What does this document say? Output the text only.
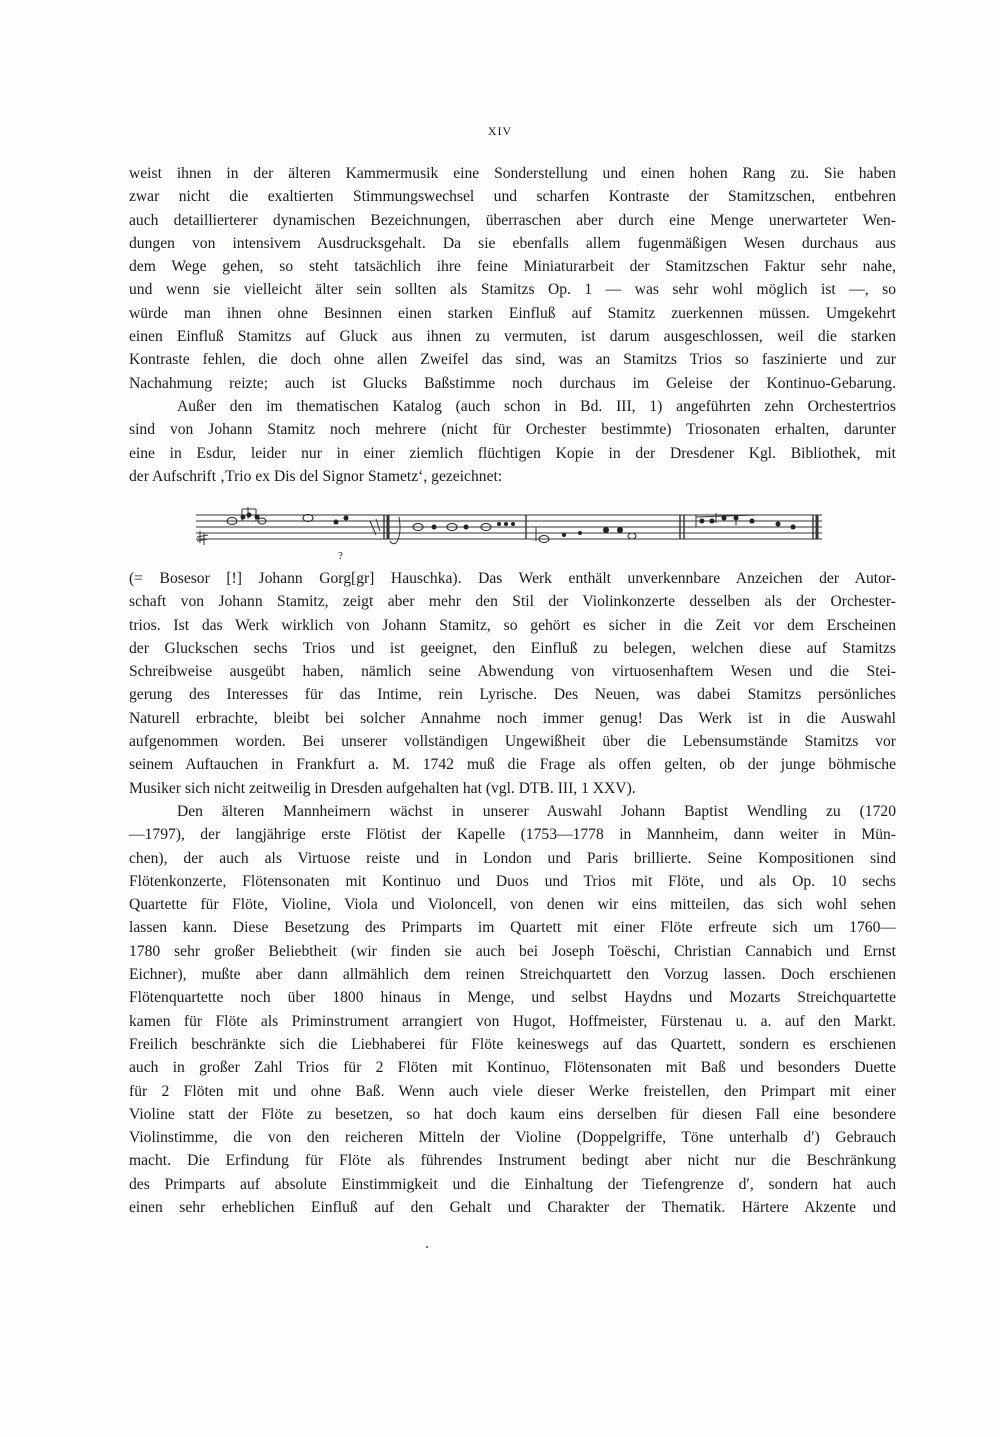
XIV
weist ihnen in der älteren Kammermusik eine Sonderstellung und einen hohen Rang zu. Sie haben
zwar nicht die exaltierten Stimmungswechsel und scharfen Kontraste der Stamitzschen, entbehren
auch detaillierterer dynamischen Bezeichnungen, überraschen aber durch eine Menge unerwarteter Wen-
dungen von intensivem Ausdrucksgehalt. Da sie ebenfalls allem fugenmäßigen Wesen durchaus aus
dem Wege gehen, so steht tatsächlich ihre feine Miniaturarbeit der Stamitzschen Faktur sehr nahe,
und wenn sie vielleicht älter sein sollten als Stamitzs Op. 1 — was sehr wohl möglich ist —, so
würde man ihnen ohne Besinnen einen starken Einfluß auf Stamitz zuerkennen müssen. Umgekehrt
einen Einfluß Stamitzs auf Gluck aus ihnen zu vermuten, ist darum ausgeschlossen, weil die starken
Kontraste fehlen, die doch ohne allen Zweifel das sind, was an Stamitzs Trios so faszinierte und zur
Nachahmung reizte; auch ist Glucks Baßstimme noch durchaus im Geleise der Kontinuo-Gebarung.
Außer den im thematischen Katalog (auch schon in Bd. III, 1) angeführten zehn Orchestertrios
sind von Johann Stamitz noch mehrere (nicht für Orchester bestimmte) Triosonaten erhalten, darunter
eine in Esdur, leider nur in einer ziemlich flüchtigen Kopie in der Dresdener Kgl. Bibliothek, mit
der Aufschrift ‚Trio ex Dis del Signor Stametz‘, gezeichnet:
?
(= Bosesor [!] Johann Gorg[gr] Hauschka). Das Werk enthält unverkennbare Anzeichen der Autor-
schaft von Johann Stamitz, zeigt aber mehr den Stil der Violinkonzerte desselben als der Orchester-
trios. Ist das Werk wirklich von Johann Stamitz, so gehört es sicher in die Zeit vor dem Erscheinen
der Gluckschen sechs Trios und ist geeignet, den Einfluß zu belegen, welchen diese auf Stamitzs
Schreibweise ausgeübt haben, nämlich seine Abwendung von virtuosenhaftem Wesen und die Stei-
gerung des Interesses für das Intime, rein Lyrische. Des Neuen, was dabei Stamitzs persönliches
Naturell erbrachte, bleibt bei solcher Annahme noch immer genug! Das Werk ist in die Auswahl
aufgenommen worden. Bei unserer vollständigen Ungewißheit über die Lebensumstände Stamitzs vor
seinem Auftauchen in Frankfurt a. M. 1742 muß die Frage als offen gelten, ob der junge böhmische
Musiker sich nicht zeitweilig in Dresden aufgehalten hat (vgl. DTB. III, 1 XXV).
Den älteren Mannheimern wächst in unserer Auswahl Johann Baptist Wendling zu (1720
—1797), der langjährige erste Flötist der Kapelle (1753—1778 in Mannheim, dann weiter in Mün-
chen), der auch als Virtuose reiste und in London und Paris brillierte. Seine Kompositionen sind
Flötenkonzerte, Flötensonaten mit Kontinuo und Duos und Trios mit Flöte, und als Op. 10 sechs
Quartette für Flöte, Violine, Viola und Violoncell, von denen wir eins mitteilen, das sich wohl sehen
lassen kann. Diese Besetzung des Primparts im Quartett mit einer Flöte erfreute sich um 1760—
1780 sehr großer Beliebtheit (wir finden sie auch bei Joseph Toëschi, Christian Cannabich und Ernst
Eichner), mußte aber dann allmählich dem reinen Streichquartett den Vorzug lassen. Doch erschienen
Flötenquartette noch über 1800 hinaus in Menge, und selbst Haydns und Mozarts Streichquartette
kamen für Flöte als Priminstrument arrangiert von Hugot, Hoffmeister, Fürstenau u. a. auf den Markt.
Freilich beschränkte sich die Liebhaberei für Flöte keineswegs auf das Quartett, sondern es erschienen
auch in großer Zahl Trios für 2 Flöten mit Kontinuo, Flötensonaten mit Baß und besonders Duette
für 2 Flöten mit und ohne Baß. Wenn auch viele dieser Werke freistellen, den Primpart mit einer
Violine statt der Flöte zu besetzen, so hat doch kaum eins derselben für diesen Fall eine besondere
Violinstimme, die von den reicheren Mitteln der Violine (Doppelgriffe, Töne unterhalb d′) Gebrauch
macht. Die Erfindung für Flöte als führendes Instrument bedingt aber nicht nur die Beschränkung
des Primparts auf absolute Einstimmigkeit und die Einhaltung der Tiefengrenze d′, sondern hat auch
einen sehr erheblichen Einfluß auf den Gehalt und Charakter der Thematik. Härtere Akzente und
